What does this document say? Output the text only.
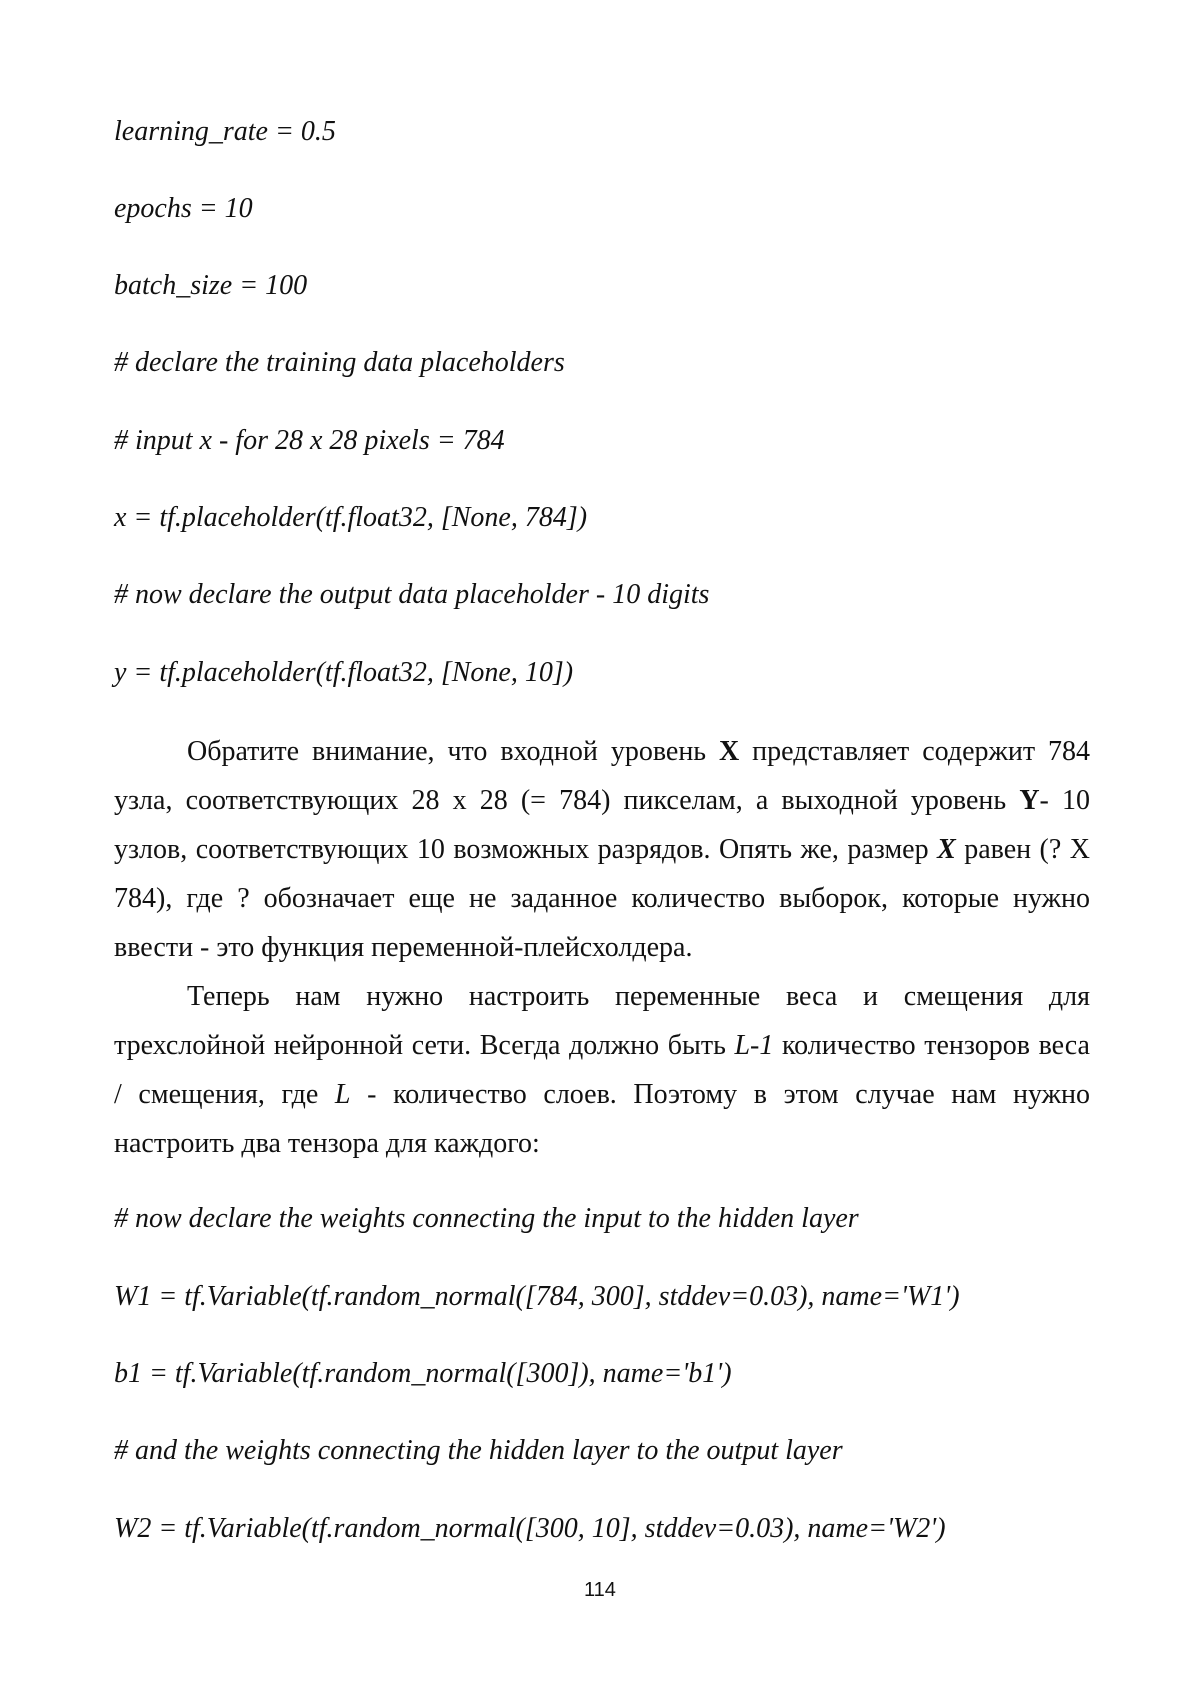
learning_rate = 0.5

epochs = 10

batch_size = 100

# declare the training data placeholders

# input x - for 28 x 28 pixels = 784

x = tf.placeholder(tf.float32, [None, 784])

# now declare the output data placeholder - 10 digits

y = tf.placeholder(tf.float32, [None, 10])

Обратите внимание, что входной уровень X представляет содержит 784 узла, соответствующих 28 х 28 (= 784) пикселам, а выходной уровень Y- 10 узлов, соответствующих 10 возможных разрядов. Опять же, размер X равен (? X 784), где ? обозначает еще не заданное количество выборок, которые нужно ввести - это функция переменной-плейсхолдера.

Теперь нам нужно настроить переменные веса и смещения для трехслойной нейронной сети. Всегда должно быть L-1 количество тензоров веса / смещения, где L - количество слоев. Поэтому в этом случае нам нужно настроить два тензора для каждого:

# now declare the weights connecting the input to the hidden layer

W1 = tf.Variable(tf.random_normal([784, 300], stddev=0.03), name='W1')

b1 = tf.Variable(tf.random_normal([300]), name='b1')

# and the weights connecting the hidden layer to the output layer

W2 = tf.Variable(tf.random_normal([300, 10], stddev=0.03), name='W2')

114
